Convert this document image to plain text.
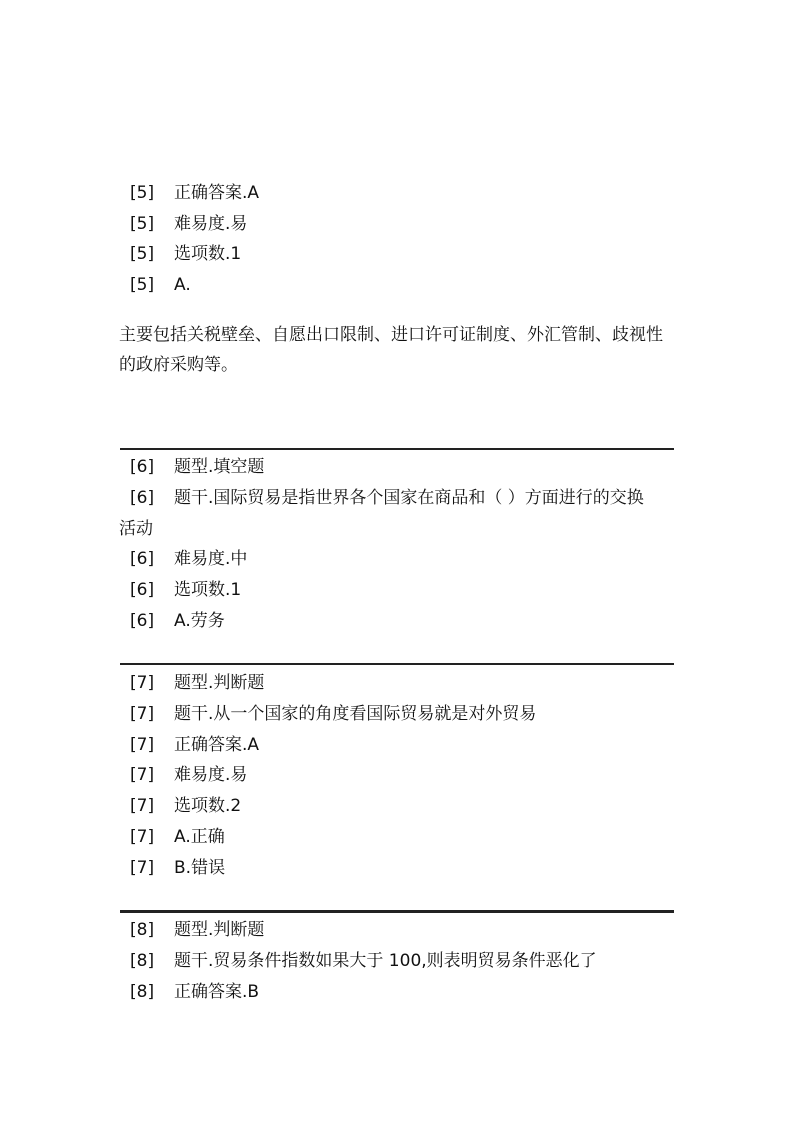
[5] 正确答案.A
[5] 难易度.易
[5] 选项数.1
[5] A.
主要包括关税壁垒、自愿出口限制、进口许可证制度、外汇管制、歧视性的政府采购等。
[6] 题型.填空题
[6] 题干.国际贸易是指世界各个国家在商品和（ ）方面进行的交换
活动
[6] 难易度.中
[6] 选项数.1
[6] A.劳务
[7] 题型.判断题
[7] 题干.从一个国家的角度看国际贸易就是对外贸易
[7] 正确答案.A
[7] 难易度.易
[7] 选项数.2
[7] A.正确
[7] B.错误
[8] 题型.判断题
[8] 题干.贸易条件指数如果大于 100,则表明贸易条件恶化了
[8] 正确答案.B
